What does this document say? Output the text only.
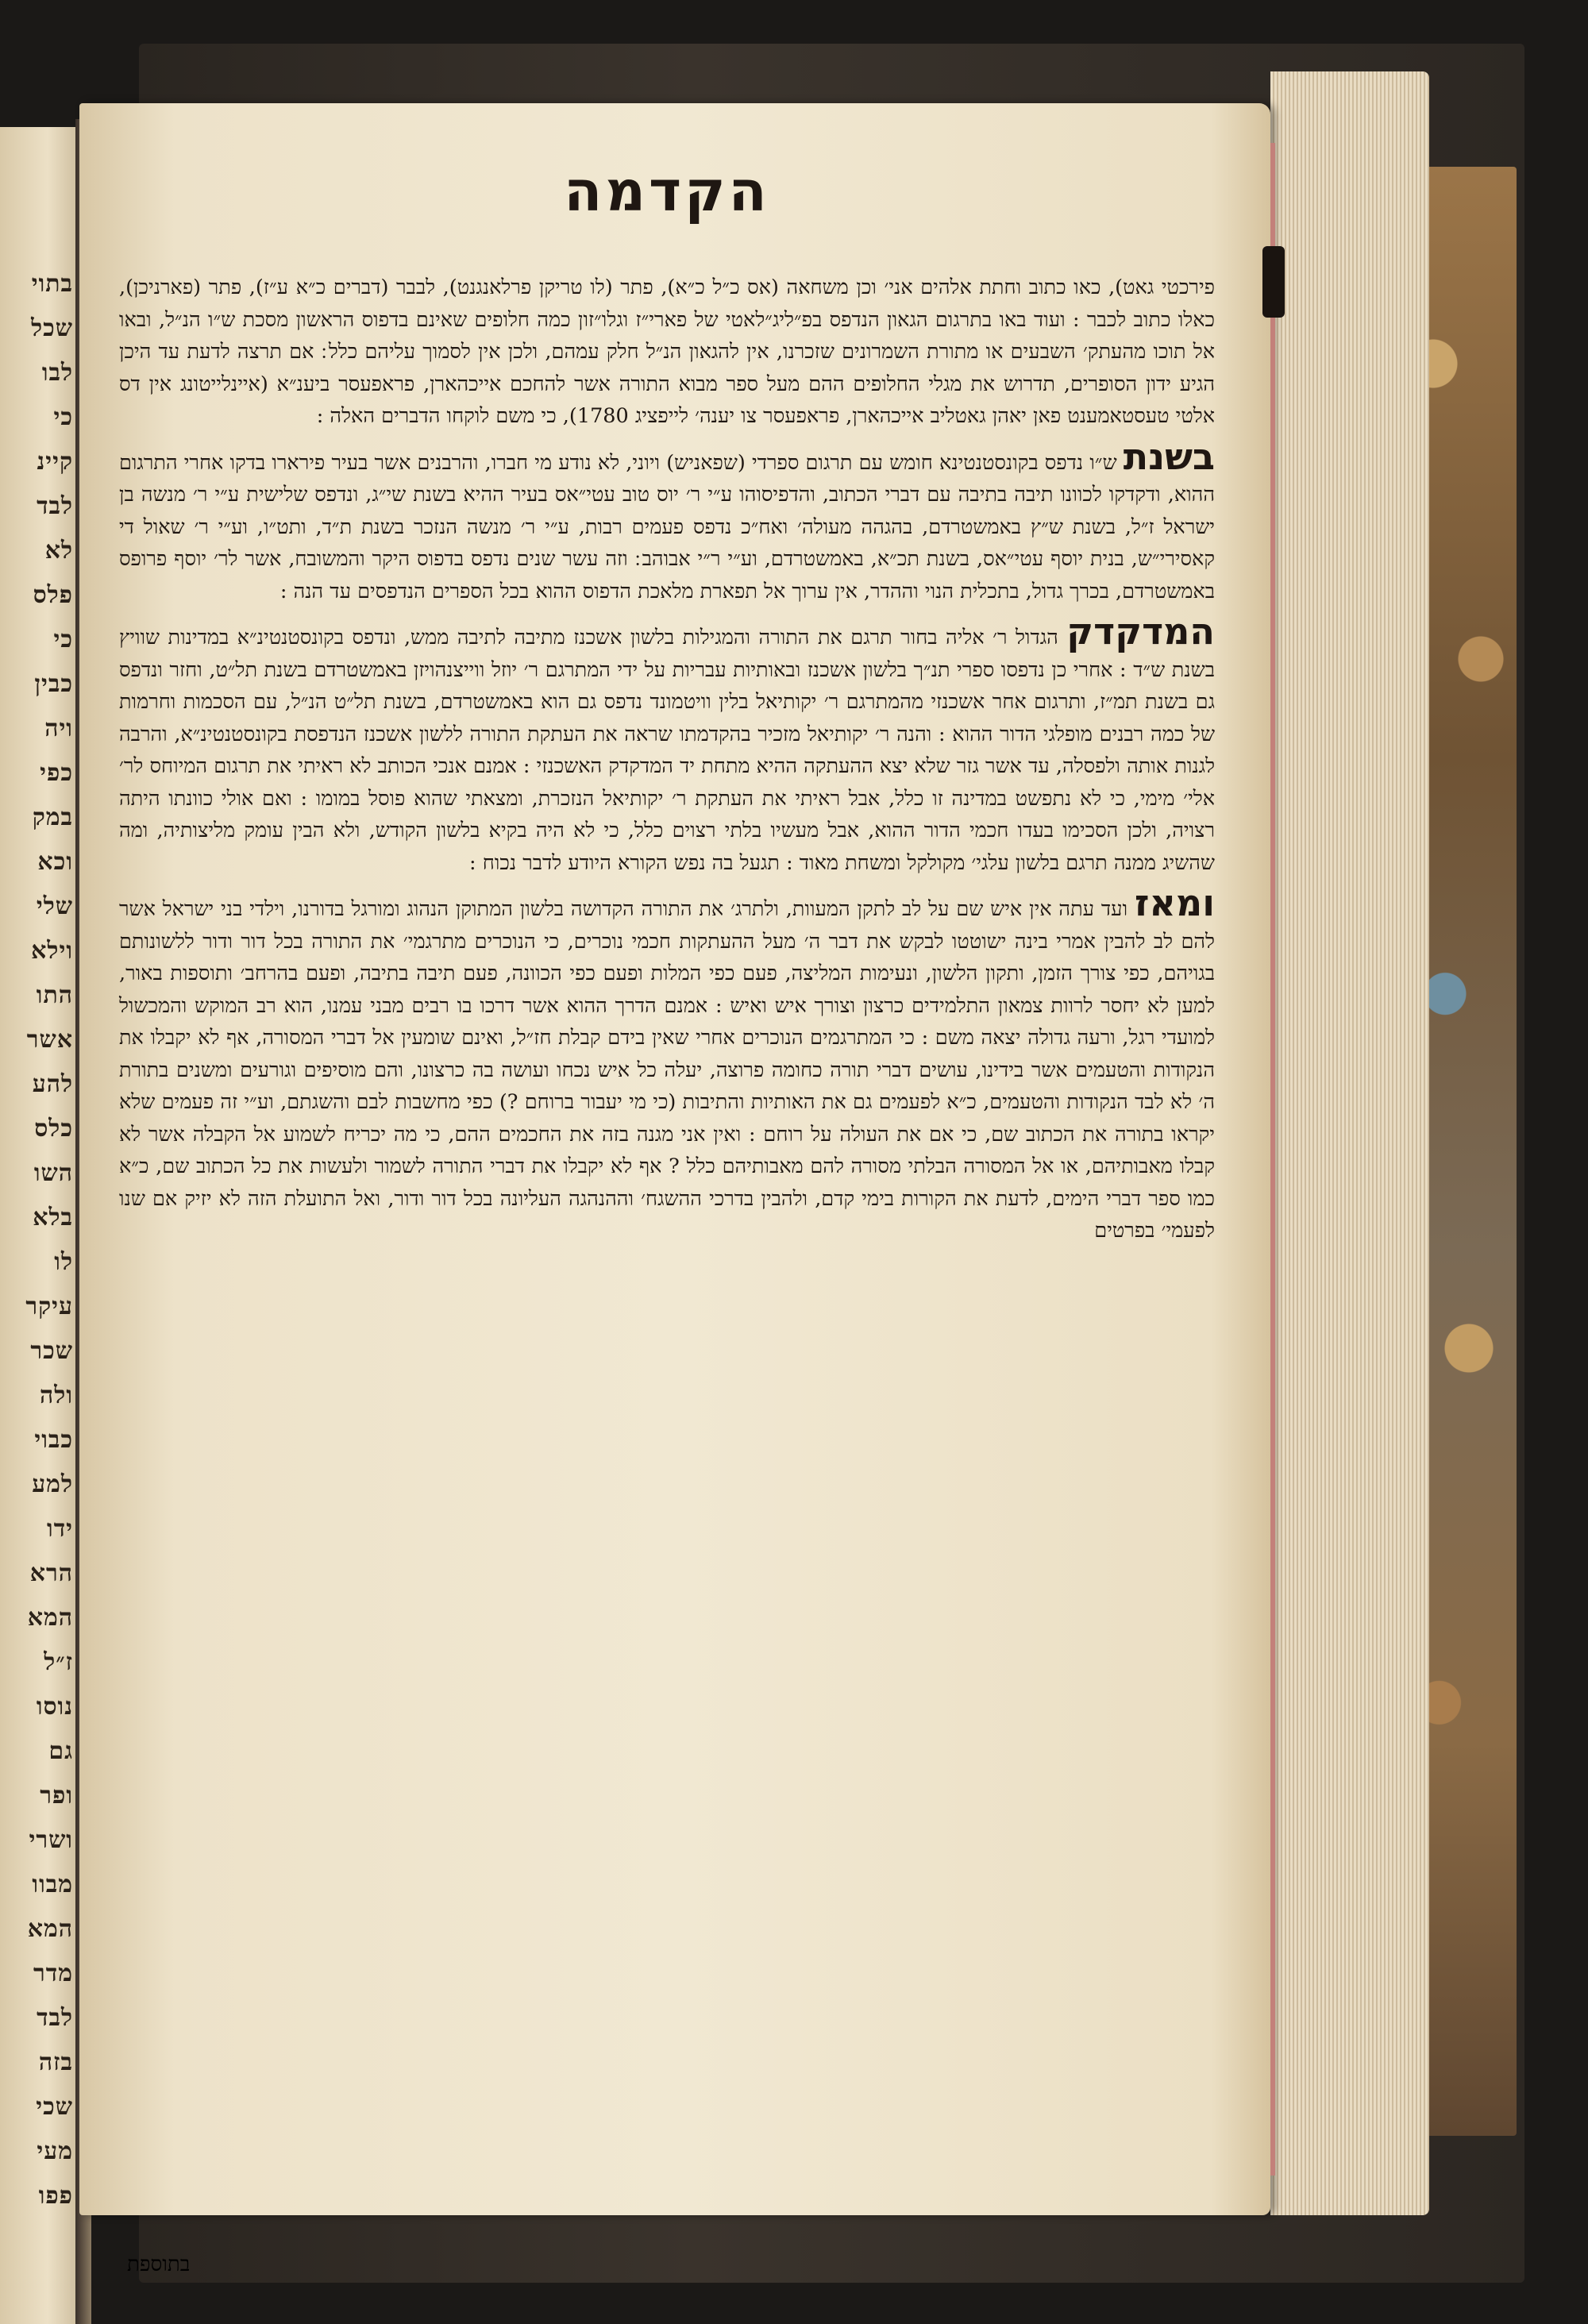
בתוי
שכל
לבו
כי
קיינ
לבד
לא
פלס
כי
כבין
ויה
כפי
במק
וכא
שלי
וילא
התו
אשר
להע
כלס
השו
בלא
לו
עיקר
שכר
ולה
כבוי
למע
ידו
הרא
המא
ז״ל
נוסו
גם
ופר
ושרי
מבוו
המא
מדר
לבד
בזה
שכי
מעי
פפו
הקדמה

פירכטי גאט), כאו כתוב וחתת אלהים אני׳ וכן משחאה (אס כ״ל כ״א), פתר (לו טריקן פרלאנגנט), לבבר (דברים כ״א ע״ז), פתר (פארניכן), כאלו כתוב לכבר : ועוד באו בתרגום הגאון הנדפס בפ״ליג״לאטי של פארי״ז וגלו״זון כמה חלופים שאינם בדפוס הראשון מסכת ש״ו הנ״ל, ובאו אל תוכו מהעתק׳ השבעים או מתורת השמרונים שזכרנו, אין להגאון הנ״ל חלק עמהם, ולכן אין לסמוך עליהם כלל ׃ אם תרצה לדעת עד היכן הגיע ידון הסופרים, תדרוש את מגלי החלופים ההם מעל ספר מבוא התורה אשר להחכם אייכהארן, פראפעסר ביענ״א (איינלייטונג אין דס אלטי טעסטאמענט פאן יאהן גאטליב אייכהארן, פראפעסר צו יענה׳ לייפציג 1780), כי משם לוקחו הדברים האלה :

בשנת ש״ו נדפס בקונסטנטינא חומש עם תרגום ספרדי (שפאניש) ויוני, לא נודע מי חברו, והרבנים אשר בעיר פירארו בדקו אחרי התרגום ההוא, ודקדקו לכוונו תיבה בתיבה עם דברי הכתוב, והדפיסוהו ע״י ר׳ יוס טוב עטי״אס בעיר ההיא בשנת שי״ג, ונדפס שלישית ע״י ר׳ מנשה בן ישראל ז״ל, בשנת ש״ץ באמשטרדם, בהגהה מעולה׳ ואח״כ נדפס פעמים רבות, ע״י ר׳ מנשה הנזכר בשנת ת״ד, ותט״ו, וע״י ר׳ שאול די קאסירי״ש, בנית יוסף עטי״אס, בשנת תכ״א, באמשטרדם, וע״י ר״י אבוהב ׃ וזה עשר שנים נדפס בדפוס היקר והמשובח, אשר לר׳ יוסף פרופס באמשטרדם, בכרך גדול, בתכלית הנוי וההדר, אין ערוך אל תפארת מלאכת הדפוס ההוא בכל הספרים הנדפסים עד הנה :

המדקדק הגדול ר׳ אליה בחור תרגם את התורה והמגילות בלשון אשכנז מתיבה לתיבה ממש, ונדפס בקונסטנטינ״א במדינות שוויץ בשנת ש״ד : אחרי כן נדפסו ספרי תנ״ך בלשון אשכנז ובאותיות עבריות על ידי המתרגם ר׳ יוזל ווייצנהויזן באמשטרדם בשנת תל״ט, וחזר ונדפס גם בשנת תמ״ז, ותרגום אחר אשכנזי מהמתרגם ר׳ יקותיאל בלין וויטמונד נדפס גם הוא באמשטרדם, בשנת תל״ט הנ״ל, עם הסכמות וחרמות של כמה רבנים מופלגי הדור ההוא : והנה ר׳ יקותיאל מזכיר בהקדמתו שראה את העתקת התורה ללשון אשכנז הנדפסת בקונסטנטינ״א, והרבה לגנות אותה ולפסלה, עד אשר גזר שלא יצא ההעתקה ההיא מתחת יד המדקדק האשכנזי : אמנם אנכי הכותב לא ראיתי את תרגום המיוחס לר׳ אלי׳ מימי, כי לא נתפשט במדינה זו כלל, אבל ראיתי את העתקת ר׳ יקותיאל הנזכרת, ומצאתי שהוא פוסל במומו : ואם אולי כוונתו היתה רצויה, ולכן הסכימו בעדו חכמי הדור ההוא, אבל מעשיו בלתי רצוים כלל, כי לא היה בקיא בלשון הקודש, ולא הבין עומק מליצותיה, ומה שהשיג ממנה תרגם בלשון עלגי׳ מקולקל ומשחת מאוד : תגעל בה נפש הקורא היודע לדבר נכוח :

ומאז ועד עתה אין איש שם על לב לתקן המעוות, ולתרג׳ את התורה הקדושה בלשון המתוקן הנהוג ומורגל בדורנו, וילדי בני ישראל אשר להם לב להבין אמרי בינה ישוטטו לבקש את דבר ה׳ מעל ההעתקות חכמי נוכרים, כי הנוכרים מתרגמי׳ את התורה בכל דור ודור ללשונותם בגויהם, כפי צורך הזמן, ותקון הלשון, ונעימות המליצה, פעם כפי המלות ופעם כפי הכוונה, פעם תיבה בתיבה, ופעם בהרחב׳ ותוספות באור, למען לא יחסר לרוות צמאון התלמידים כרצון וצורך איש ואיש : אמנם הדרך ההוא אשר דרכו בו רבים מבני עמנו, הוא רב המוקש והמכשול למועדי רגל, ורעה גדולה יצאה משם : כי המתרגמים הנוכרים אחרי שאין בידם קבלת חז״ל, ואינם שומעין אל דברי המסורה, אף לא יקבלו את הנקודות והטעמים אשר בידינו, עושים דברי תורה כחומה פרוצה, יעלה כל איש נכחו ועושה בה כרצונו, והם מוסיפים וגורעים ומשנים בתורת ה׳ לא לבד הנקודות והטעמים, כ״א לפעמים גם את האותיות והתיבות (כי מי יעבור ברוחם ?) כפי מחשבות לבם והשגתם, וע״י זה פעמים שלא יקראו בתורה את הכתוב שם, כי אם את העולה על רוחם : ואין אני מגנה בזה את החכמים ההם, כי מה יכריח לשמוע אל הקבלה אשר לא קבלו מאבותיהם, או אל המסורה הבלתי מסורה להם מאבותיהם כלל ? אף לא יקבלו את דברי התורה לשמור ולעשות את כל הכתוב שם, כ״א כמו ספר דברי הימים, לדעת את הקורות בימי קדם, ולהבין בדרכי ההשגח׳ וההנהגה העליונה בכל דור ודור, ואל התועלת הזה לא יזיק אם שנו לפעמי׳ בפרטים

בתוספת
